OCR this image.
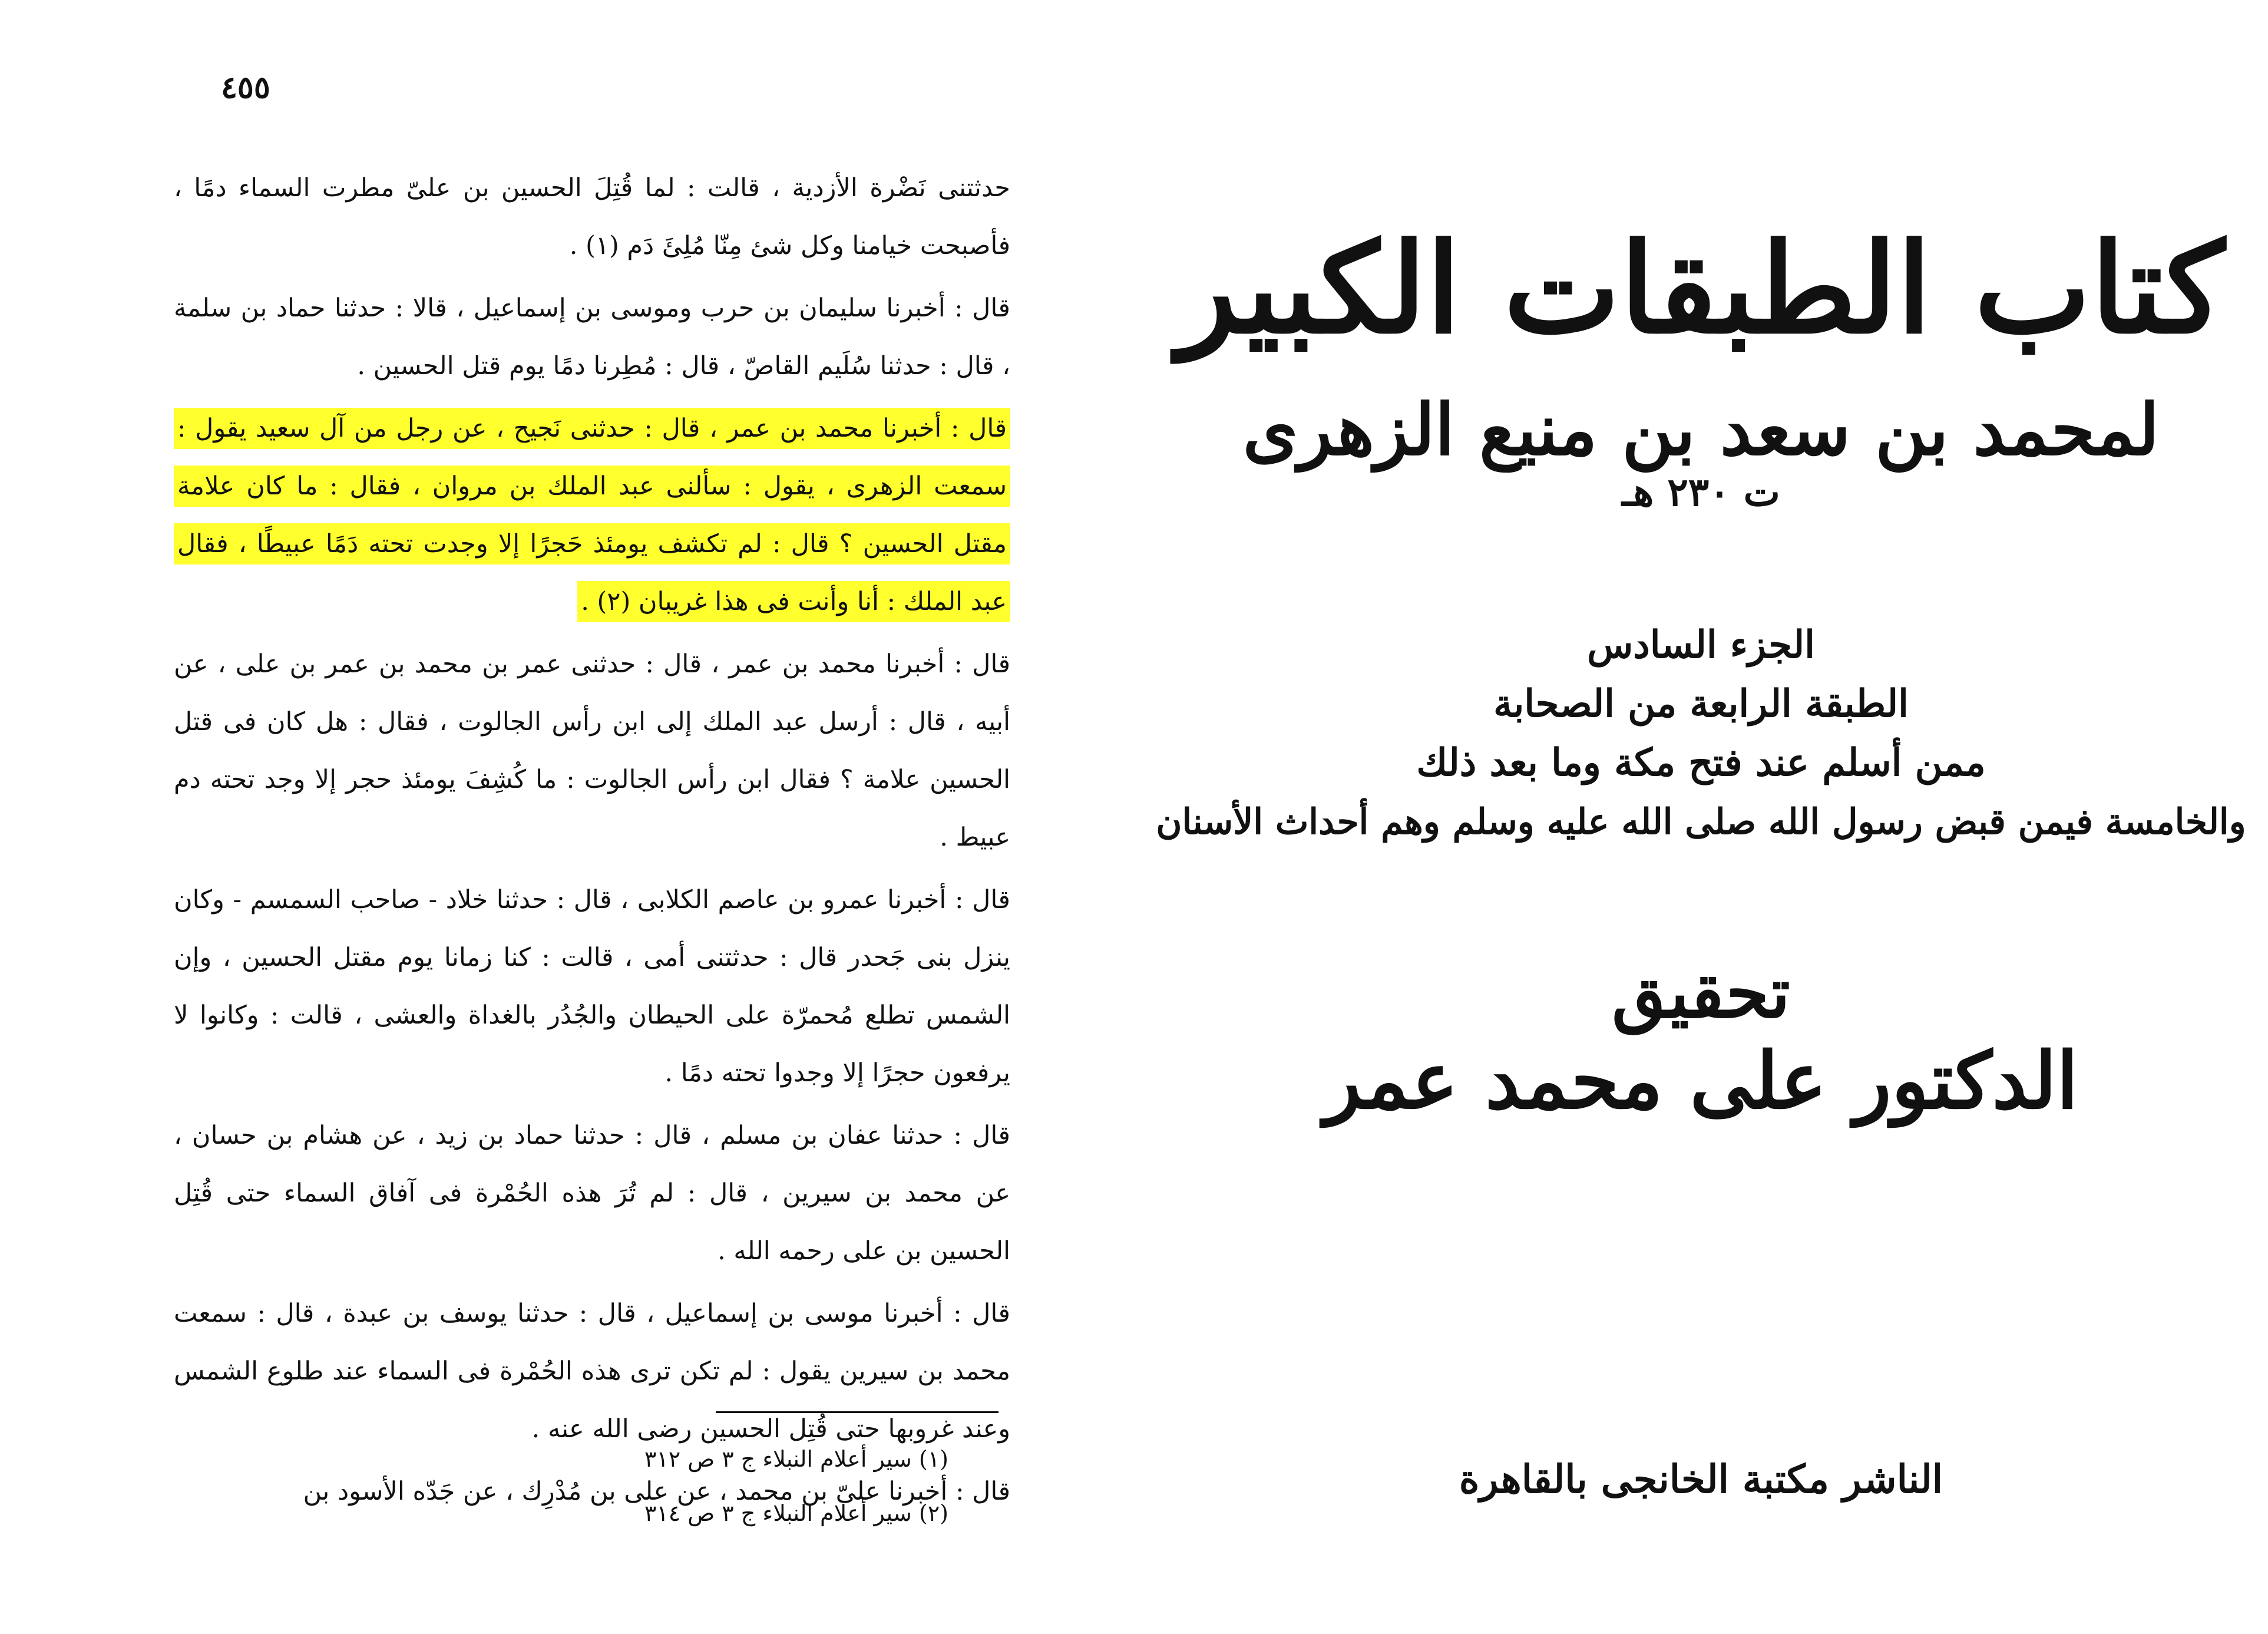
٤٥٥

حدثتنى نَضْرة الأزدية ، قالت : لما قُتِلَ الحسين بن علىّ مطرت السماء دمًا ، فأصبحت خيامنا وكل شئ مِنّا مُلِئَ دَم (١) .

قال : أخبرنا سليمان بن حرب وموسى بن إسماعيل ، قالا : حدثنا حماد بن سلمة ، قال : حدثنا سُلَيم القاصّ ، قال : مُطِرنا دمًا يوم قتل الحسين .

قال : أخبرنا محمد بن عمر ، قال : حدثنى نَجيح ، عن رجل من آل سعيد يقول : سمعت الزهرى ، يقول : سألنى عبد الملك بن مروان ، فقال : ما كان علامة مقتل الحسين ؟ قال : لم تكشف يومئذ حَجرًا إلا وجدت تحته دَمًا عبيطًا ، فقال عبد الملك : أنا وأنت فى هذا غريبان (٢) .

قال : أخبرنا محمد بن عمر ، قال : حدثنى عمر بن محمد بن عمر بن على ، عن أبيه ، قال : أرسل عبد الملك إلى ابن رأس الجالوت ، فقال : هل كان فى قتل الحسين علامة ؟ فقال ابن رأس الجالوت : ما كُشِفَ يومئذ حجر إلا وجد تحته دم عبيط .

قال : أخبرنا عمرو بن عاصم الكلابى ، قال : حدثنا خلاد - صاحب السمسم - وكان ينزل بنى جَحدر قال : حدثتنى أمى ، قالت : كنا زمانا يوم مقتل الحسين ، وإن الشمس تطلع مُحمرّة على الحيطان والجُدُر بالغداة والعشى ، قالت : وكانوا لا يرفعون حجرًا إلا وجدوا تحته دمًا .

قال : حدثنا عفان بن مسلم ، قال : حدثنا حماد بن زيد ، عن هشام بن حسان ، عن محمد بن سيرين ، قال : لم تُرَ هذه الحُمْرة فى آفاق السماء حتى قُتِل الحسين بن على رحمه الله .

قال : أخبرنا موسى بن إسماعيل ، قال : حدثنا يوسف بن عبدة ، قال : سمعت محمد بن سيرين يقول : لم تكن ترى هذه الحُمْرة فى السماء عند طلوع الشمس وعند غروبها حتى قُتِل الحسين رضى الله عنه .

قال : أخبرنا علىّ بن محمد ، عن على بن مُدْرِك ، عن جَدّه الأسود بن

(١) سير أعلام النبلاء ج ٣ ص ٣١٢

(٢) سير أعلام النبلاء ج ٣ ص ٣١٤

كتاب الطبقات الكبير
لمحمد بن سعد بن منيع الزهرى
ت ٢٣٠ هـ
الجزء السادس
الطبقة الرابعة من الصحابة
ممن أسلم عند فتح مكة وما بعد ذلك
والخامسة فيمن قبض رسول الله صلى الله عليه وسلم وهم أحداث الأسنان
تحقيق
الدكتور على محمد عمر
الناشر مكتبة الخانجى بالقاهرة
